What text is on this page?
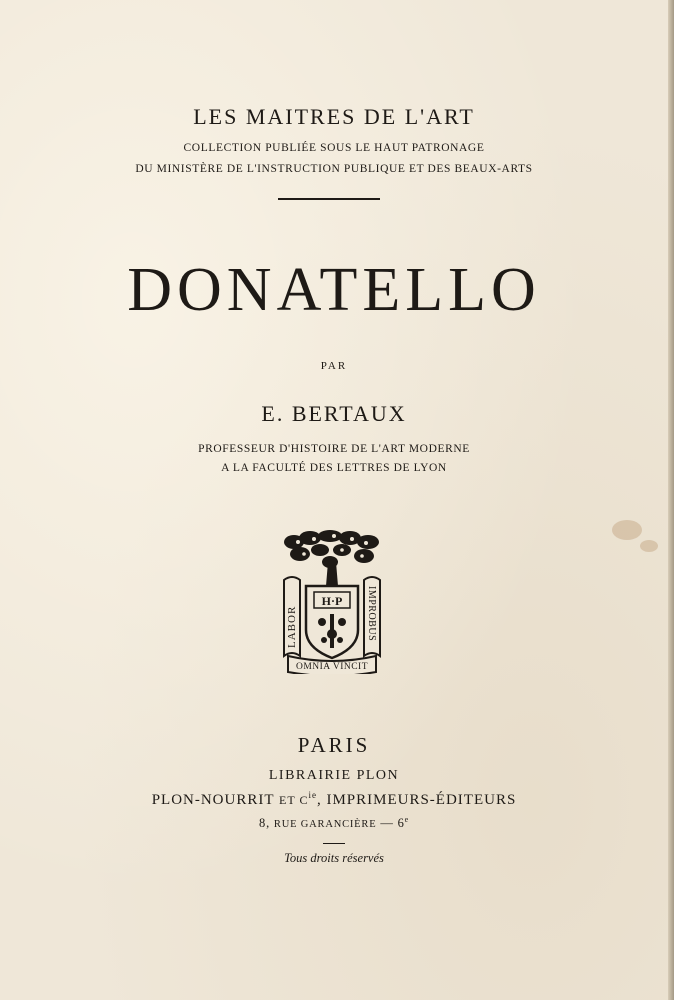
LES MAITRES DE L'ART
COLLECTION PUBLIÉE SOUS LE HAUT PATRONAGE
DU MINISTÈRE DE L'INSTRUCTION PUBLIQUE ET DES BEAUX-ARTS
DONATELLO
PAR
E. BERTAUX
PROFESSEUR D'HISTOIRE DE L'ART MODERNE
A LA FACULTÉ DES LETTRES DE LYON
LABOR	IMPROBUS
H·P
OMNIA VINCIT
PARIS
LIBRAIRIE PLON
PLON-NOURRIT ET $C^{ie}$, IMPRIMEURS-ÉDITEURS
8, RUE GARANCIÈRE — 6e
Tous droits réservés
